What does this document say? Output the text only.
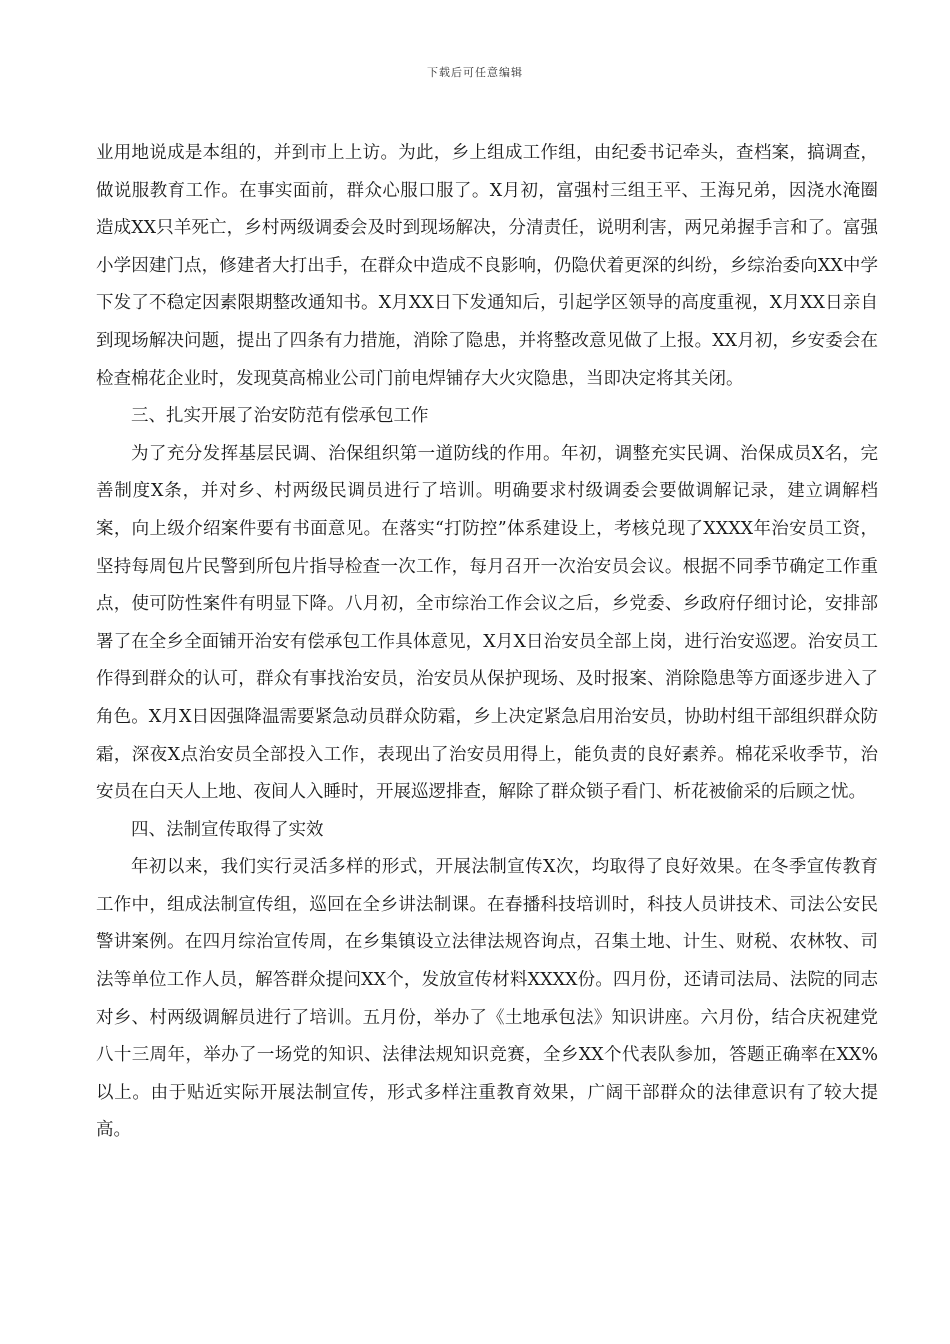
下载后可任意编辑

业用地说成是本组的，并到市上上访。为此，乡上组成工作组，由纪委书记牵头，查档案，搞调查，做说服教育工作。在事实面前，群众心服口服了。X月初，富强村三组王平、王海兄弟，因浇水淹圈造成XX只羊死亡，乡村两级调委会及时到现场解决，分清责任，说明利害，两兄弟握手言和了。富强小学因建门点，修建者大打出手，在群众中造成不良影响，仍隐伏着更深的纠纷，乡综治委向XX中学下发了不稳定因素限期整改通知书。X月XX日下发通知后，引起学区领导的高度重视，X月XX日亲自到现场解决问题，提出了四条有力措施，消除了隐患，并将整改意见做了上报。XX月初，乡安委会在检查棉花企业时，发现莫高棉业公司门前电焊铺存大火灾隐患，当即决定将其关闭。

三、扎实开展了治安防范有偿承包工作

为了充分发挥基层民调、治保组织第一道防线的作用。年初，调整充实民调、治保成员X名，完善制度X条，并对乡、村两级民调员进行了培训。明确要求村级调委会要做调解记录，建立调解档案，向上级介绍案件要有书面意见。在落实“打防控”体系建设上，考核兑现了XXXX年治安员工资，坚持每周包片民警到所包片指导检查一次工作，每月召开一次治安员会议。根据不同季节确定工作重点，使可防性案件有明显下降。八月初，全市综治工作会议之后，乡党委、乡政府仔细讨论，安排部署了在全乡全面铺开治安有偿承包工作具体意见，X月X日治安员全部上岗，进行治安巡逻。治安员工作得到群众的认可，群众有事找治安员，治安员从保护现场、及时报案、消除隐患等方面逐步进入了角色。X月X日因强降温需要紧急动员群众防霜，乡上决定紧急启用治安员，协助村组干部组织群众防霜，深夜X点治安员全部投入工作，表现出了治安员用得上，能负责的良好素养。棉花采收季节，治安员在白天人上地、夜间人入睡时，开展巡逻排查，解除了群众锁子看门、析花被偷采的后顾之忧。

四、法制宣传取得了实效

年初以来，我们实行灵活多样的形式，开展法制宣传X次，均取得了良好效果。在冬季宣传教育工作中，组成法制宣传组，巡回在全乡讲法制课。在春播科技培训时，科技人员讲技术、司法公安民警讲案例。在四月综治宣传周，在乡集镇设立法律法规咨询点，召集土地、计生、财税、农林牧、司法等单位工作人员，解答群众提问XX个，发放宣传材料XXXX份。四月份，还请司法局、法院的同志对乡、村两级调解员进行了培训。五月份，举办了《土地承包法》知识讲座。六月份，结合庆祝建党八十三周年，举办了一场党的知识、法律法规知识竞赛，全乡XX个代表队参加，答题正确率在XX%以上。由于贴近实际开展法制宣传，形式多样注重教育效果，广阔干部群众的法律意识有了较大提高。
